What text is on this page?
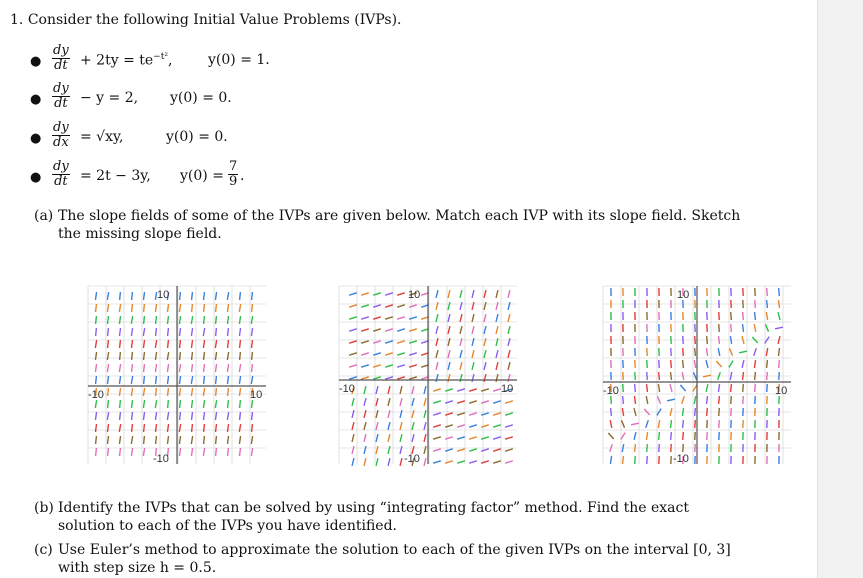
1. Consider the following Initial Value Problems (IVPs).
● $\frac{dy}{dt} + 2ty = te^{-t^2}$,	y(0) = 1.
● $\frac{dy}{dt} - y = 2$, y(0) = 0.
● $\frac{dy}{dx} = √xy$,	y(0) = 0.
● $\frac{dy}{dt} = 2t - 3y$, $y(0) = \frac{7}{9}$ .
(a) The slope fields of some of the IVPs are given below. Match each IVP with its slope field. Sketch the missing slope field.
10
-10
-10	10
10
-10
-10	10
10
-10
-10	10
(b) Identify the IVPs that can be solved by using “integrating factor” method. Find the exact solution to each of the IVPs you have identified.
(c) Use Euler’s method to approximate the solution to each of the given IVPs on the interval [0, 3] with step size h = 0.5.
